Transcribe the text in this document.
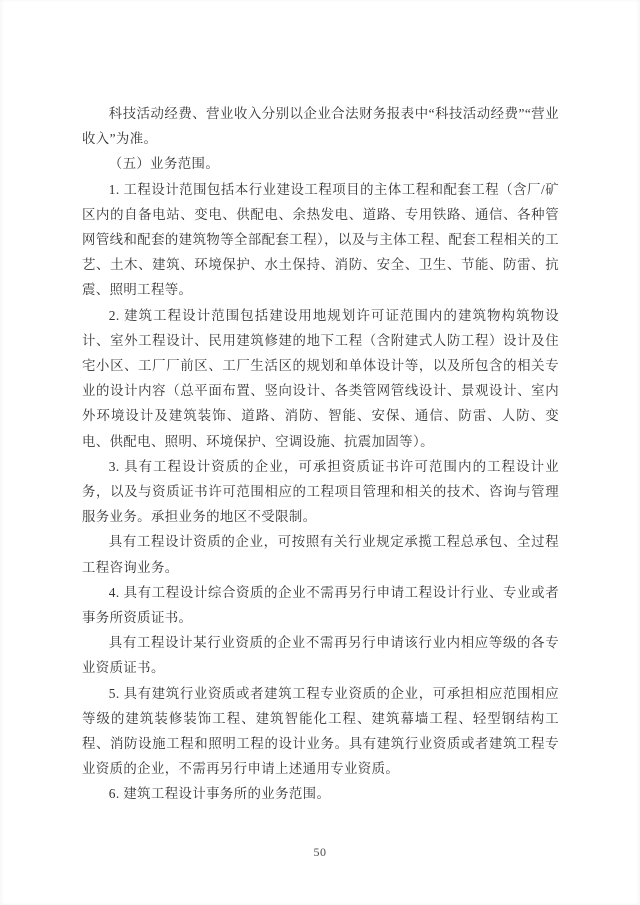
科技活动经费、营业收入分别以企业合法财务报表中“科技活动经费”“营业收入”为准。

（五）业务范围。

1. 工程设计范围包括本行业建设工程项目的主体工程和配套工程（含厂/矿区内的自备电站、变电、供配电、余热发电、道路、专用铁路、通信、各种管网管线和配套的建筑物等全部配套工程），以及与主体工程、配套工程相关的工艺、土木、建筑、环境保护、水土保持、消防、安全、卫生、节能、防雷、抗震、照明工程等。

2. 建筑工程设计范围包括建设用地规划许可证范围内的建筑物构筑物设计、室外工程设计、民用建筑修建的地下工程（含附建式人防工程）设计及住宅小区、工厂厂前区、工厂生活区的规划和单体设计等，以及所包含的相关专业的设计内容（总平面布置、竖向设计、各类管网管线设计、景观设计、室内外环境设计及建筑装饰、道路、消防、智能、安保、通信、防雷、人防、变电、供配电、照明、环境保护、空调设施、抗震加固等）。

3. 具有工程设计资质的企业，可承担资质证书许可范围内的工程设计业务，以及与资质证书许可范围相应的工程项目管理和相关的技术、咨询与管理服务业务。承担业务的地区不受限制。

具有工程设计资质的企业，可按照有关行业规定承揽工程总承包、全过程工程咨询业务。

4. 具有工程设计综合资质的企业不需再另行申请工程设计行业、专业或者事务所资质证书。

具有工程设计某行业资质的企业不需再另行申请该行业内相应等级的各专业资质证书。

5. 具有建筑行业资质或者建筑工程专业资质的企业，可承担相应范围相应等级的建筑装修装饰工程、建筑智能化工程、建筑幕墙工程、轻型钢结构工程、消防设施工程和照明工程的设计业务。具有建筑行业资质或者建筑工程专业资质的企业，不需再另行申请上述通用专业资质。

6. 建筑工程设计事务所的业务范围。

50
